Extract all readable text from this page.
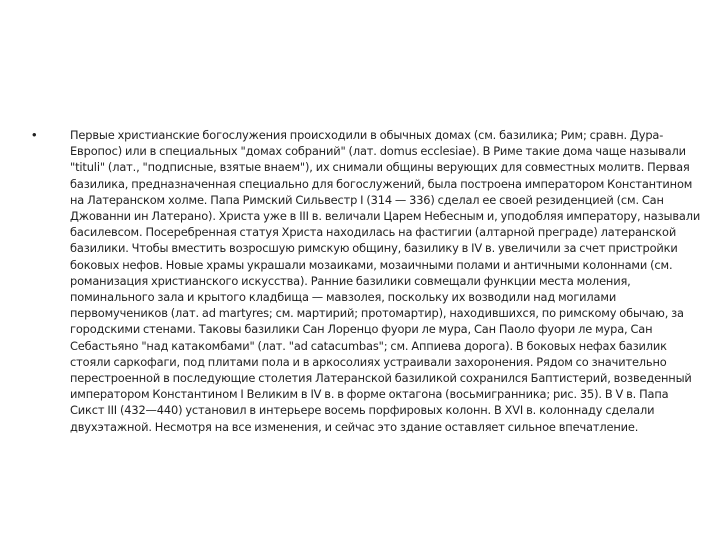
•	Первые христианские богослужения происходили в обычных домах (см. базилика; Рим; сравн. Дура-Европос) или в специальных "домах собраний" (лат. domus ecclesiae). В Риме такие дома чаще называли "tituli" (лат., "подписные, взятые внаем"), их снимали общины верующих для совместных молитв. Первая базилика, предназначенная специально для богослужений, была построена императором Константином на Латеранском холме. Папа Римский Сильвестр I (314 — 336) сделал ее своей резиденцией (см. Сан Джованни ин Латерано). Христа уже в III в. величали Царем Небесным и, уподобляя императору, называли басилевсом. Посеребренная статуя Христа находилась на фастигии (алтарной преграде) латеранской базилики. Чтобы вместить возросшую римскую общину, базилику в IV в. увеличили за счет пристройки боковых нефов. Новые храмы украшали мозаиками, мозаичными полами и античными колоннами (см. романизация христианского искусства). Ранние базилики совмещали функции места моления, поминального зала и крытого кладбища — мавзолея, поскольку их возводили над могилами первомучеников (лат. ad martyres; см. мартирий; протомартир), находившихся, по римскому обычаю, за городскими стенами. Таковы базилики Сан Лоренцо фуори ле мура, Сан Паоло фуори ле мура, Сан Себастьяно "над катакомбами" (лат. "ad catacumbas"; см. Аппиева дорога). В боковых нефах базилик стояли саркофаги, под плитами пола и в аркосолиях устраивали захоронения. Рядом со значительно перестроенной в последующие столетия Латеранской базиликой сохранился Баптистерий, возведенный императором Константином I Великим в IV в. в форме октагона (восьмигранника; рис. 35). В V в. Папа Сикст III (432—440) установил в интерьере восемь порфировых колонн. В XVI в. колоннаду сделали двухэтажной. Несмотря на все изменения, и сейчас это здание оставляет сильное впечатление.
